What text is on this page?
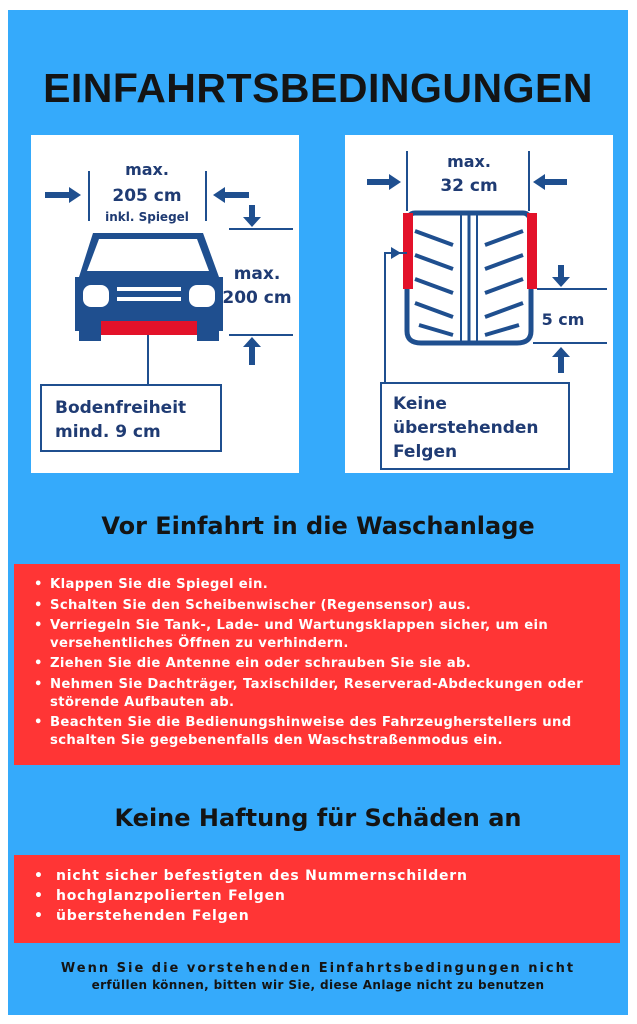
EINFAHRTSBEDINGUNGEN
max.
205 cm
inkl. Spiegel
max.
200 cm
Bodenfreiheit
mind. 9 cm
max.
32 cm
5 cm
Keine
überstehenden
Felgen
Vor Einfahrt in die Waschanlage
• Klappen Sie die Spiegel ein.
• Schalten Sie den Scheibenwischer (Regensensor) aus.
• Verriegeln Sie Tank-, Lade- und Wartungsklappen sicher, um ein versehentliches Öffnen zu verhindern.
• Ziehen Sie die Antenne ein oder schrauben Sie sie ab.
• Nehmen Sie Dachträger, Taxischilder, Reserverad-Abdeckungen oder störende Aufbauten ab.
• Beachten Sie die Bedienungshinweise des Fahrzeugherstellers und schalten Sie gegebenenfalls den Waschstraßenmodus ein.
Keine Haftung für Schäden an
• nicht sicher befestigten des Nummernschildern
• hochglanzpolierten Felgen
• überstehenden Felgen
Wenn Sie die vorstehenden Einfahrtsbedingungen nicht
erfüllen können, bitten wir Sie, diese Anlage nicht zu benutzen
